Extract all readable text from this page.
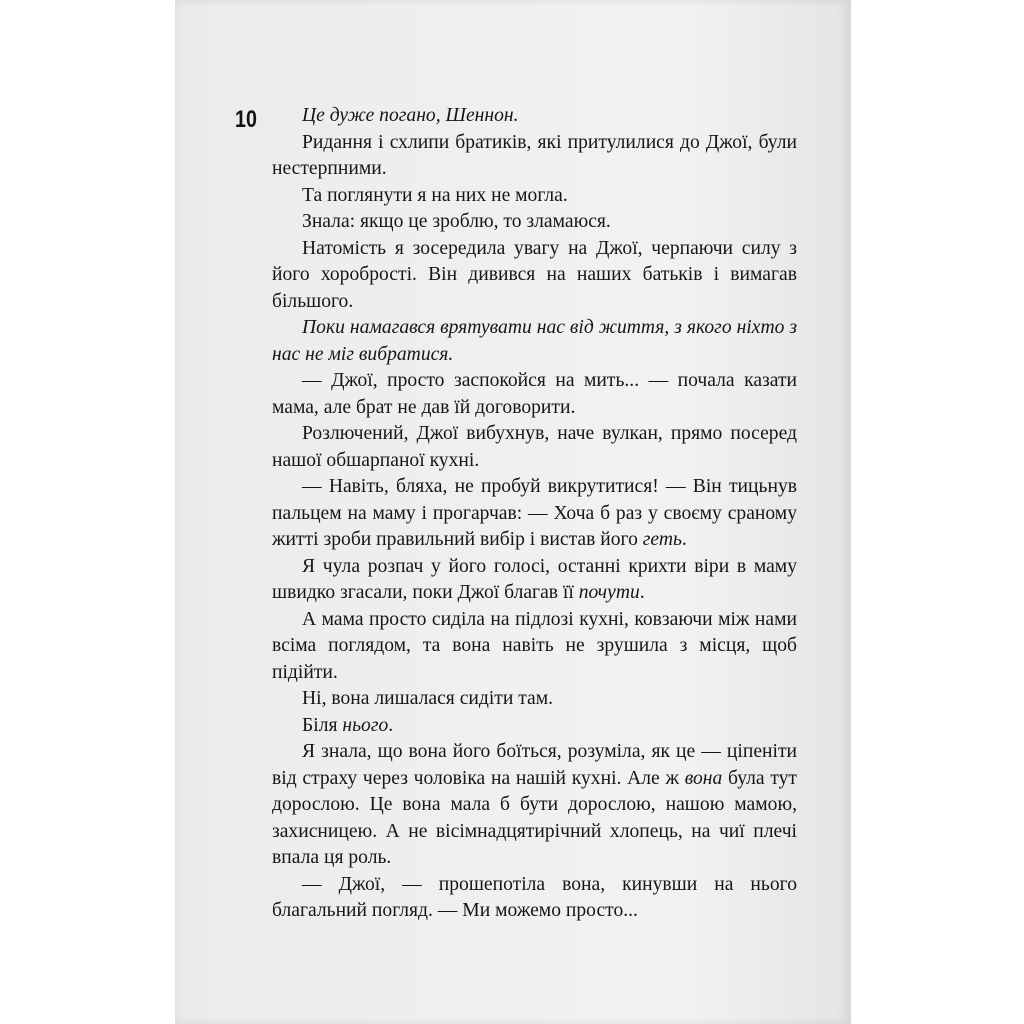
10	Це дуже погано, Шеннон.

Ридання і схлипи братиків, які притулилися до Джої, були нестерпними.

Та поглянути я на них не могла.

Знала: якщо це зроблю, то зламаюся.

Натомість я зосередила увагу на Джої, черпаючи силу з його хоробрості. Він дивився на наших батьків і вимагав більшого.

Поки намагався врятувати нас від життя, з якого ніхто з нас не міг вибратися.

— Джої, просто заспокойся на мить... — почала казати мама, але брат не дав їй договорити.

Розлючений, Джої вибухнув, наче вулкан, прямо посеред нашої обшарпаної кухні.

— Навіть, бляха, не пробуй викрутитися! — Він тицьнув пальцем на маму і прогарчав: — Хоча б раз у своєму сраному житті зроби правильний вибір і вистав його геть.

Я чула розпач у його голосі, останні крихти віри в маму швидко згасали, поки Джої благав її почути.

А мама просто сиділа на підлозі кухні, ковзаючи між нами всіма поглядом, та вона навіть не зрушила з місця, щоб підійти.

Ні, вона лишалася сидіти там.

Біля нього.

Я знала, що вона його боїться, розуміла, як це — ціпеніти від страху через чоловіка на нашій кухні. Але ж вона була тут дорослою. Це вона мала б бути дорослою, нашою мамою, захисницею. А не вісімнадцятирічний хлопець, на чиї плечі впала ця роль.

— Джої, — прошепотіла вона, кинувши на нього благальний погляд. — Ми можемо просто...
